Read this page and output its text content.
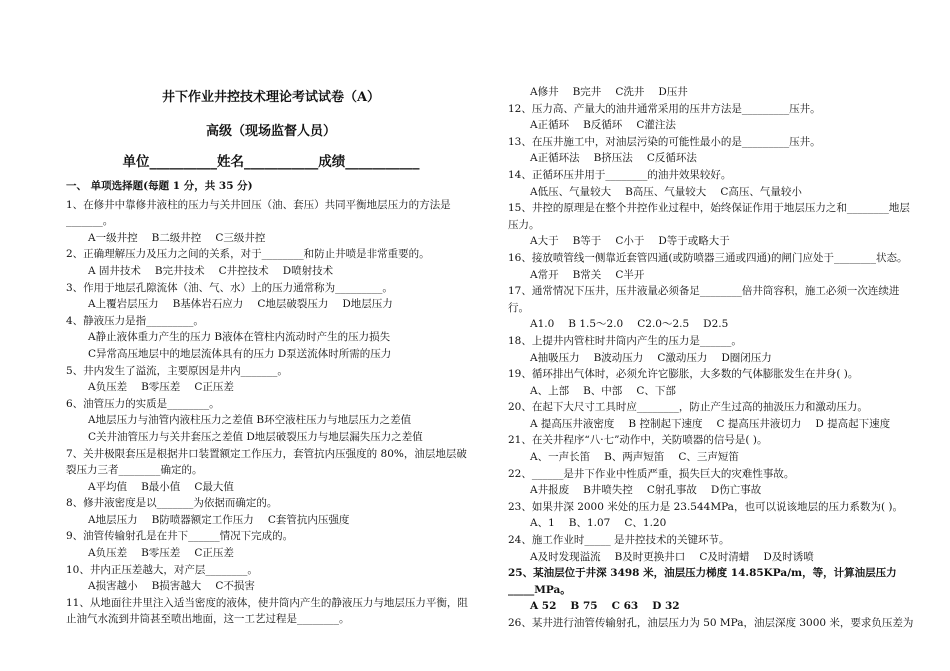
井下作业井控技术理论考试试卷（A）
高级（现场监督人员）
单位__________姓名___________成绩___________
一、 单项选择题(每题 1 分，共 35 分)
1、在修井中靠修井液柱的压力与关井回压（油、套压）共同平衡地层压力的方法是_______。
A一级井控 B二级井控 C三级井控
2、正确理解压力及压力之间的关系，对于________和防止井喷是非常重要的。
A 固井技术 B完井技术 C井控技术 D喷射技术
3、作用于地层孔隙流体（油、气、水）上的压力通常称为_________。
A上覆岩层压力 B基体岩石应力 C地层破裂压力 D地层压力
4、静液压力是指_________。
A静止液体重力产生的压力 B液体在管柱内流动时产生的压力损失
C异常高压地层中的地层流体具有的压力 D泵送流体时所需的压力
5、井内发生了溢流，主要原因是井内_______。
A负压差 B零压差 C正压差
6、油管压力的实质是________。
A地层压力与油管内液柱压力之差值 B环空液柱压力与地层压力之差值
C关井油管压力与关井套压之差值 D地层破裂压力与地层漏失压力之差值
7、关井极限套压是根据井口装置额定工作压力，套管抗内压强度的 80%，油层地层破裂压力三者________确定的。
A平均值 B最小值 C最大值
8、修井液密度是以_______为依据而确定的。
A地层压力 B防喷器额定工作压力 C套管抗内压强度
9、油管传输射孔是在井下______情况下完成的。
A负压差 B零压差 C正压差
10、井内正压差越大，对产层________。
A损害越小 B损害越大 C不损害
11、从地面往井里注入适当密度的液体，使井筒内产生的静液压力与地层压力平衡，阻止油气水流到井筒甚至喷出地面，这一工艺过程是________。
A修井 B完井 C洗井 D压井
12、压力高、产量大的油井通常采用的压井方法是_________压井。
A正循环 B反循环 C灌注法
13、在压井施工中，对油层污染的可能性最小的是_________压井。
A正循环法 B挤压法 C反循环法
14、正循环压井用于________的油井效果较好。
A低压、气量较大 B高压、气量较大 C高压、气量较小
15、井控的原理是在整个井控作业过程中，始终保证作用于地层压力之和________地层压力。
A大于 B等于 C小于 D等于或略大于
16、接放喷管线一侧靠近套管四通(或防喷器三通或四通)的闸门应处于________状态。
A常开 B常关 C半开
17、通常情况下压井，压井液量必须备足________倍井筒容积，施工必须一次连续进行。
A1.0 B 1.5～2.0 C2.0～2.5 D2.5
18、上提井内管柱时井筒内产生的压力是______。
A抽吸压力 B波动压力 C激动压力 D圈闭压力
19、循环排出气体时，必须允许它膨胀，大多数的气体膨胀发生在井身( )。
A、上部 B、中部 C、下部
20、在起下大尺寸工具时应________，防止产生过高的抽汲压力和激动压力。
A 提高压井液密度 B 控制起下速度 C 提高压井液切力 D 提高起下速度
21、在关井程序“八·七”动作中，关防喷器的信号是( )。
A、一声长笛 B、两声短笛 C、三声短笛
22、______是井下作业中性质严重，损失巨大的灾难性事故。
A井报废 B井喷失控 C射孔事故 D伤亡事故
23、如果井深 2000 米处的压力是 23.544MPa，也可以说该地层的压力系数为( )。
A、1 B、1.07 C、1.20
24、施工作业时_____ 是井控技术的关键环节。
A及时发现溢流 B及时更换井口 C及时清蜡 D及时诱喷
25、某油层位于井深 3498 米，油层压力梯度 14.85KPa/m，等，计算油层压力_____MPa。
A 52 B 75 C 63 D 32
26、某井进行油管传输射孔，油层压力为 50 MPa，油层深度 3000 米，要求负压差为
